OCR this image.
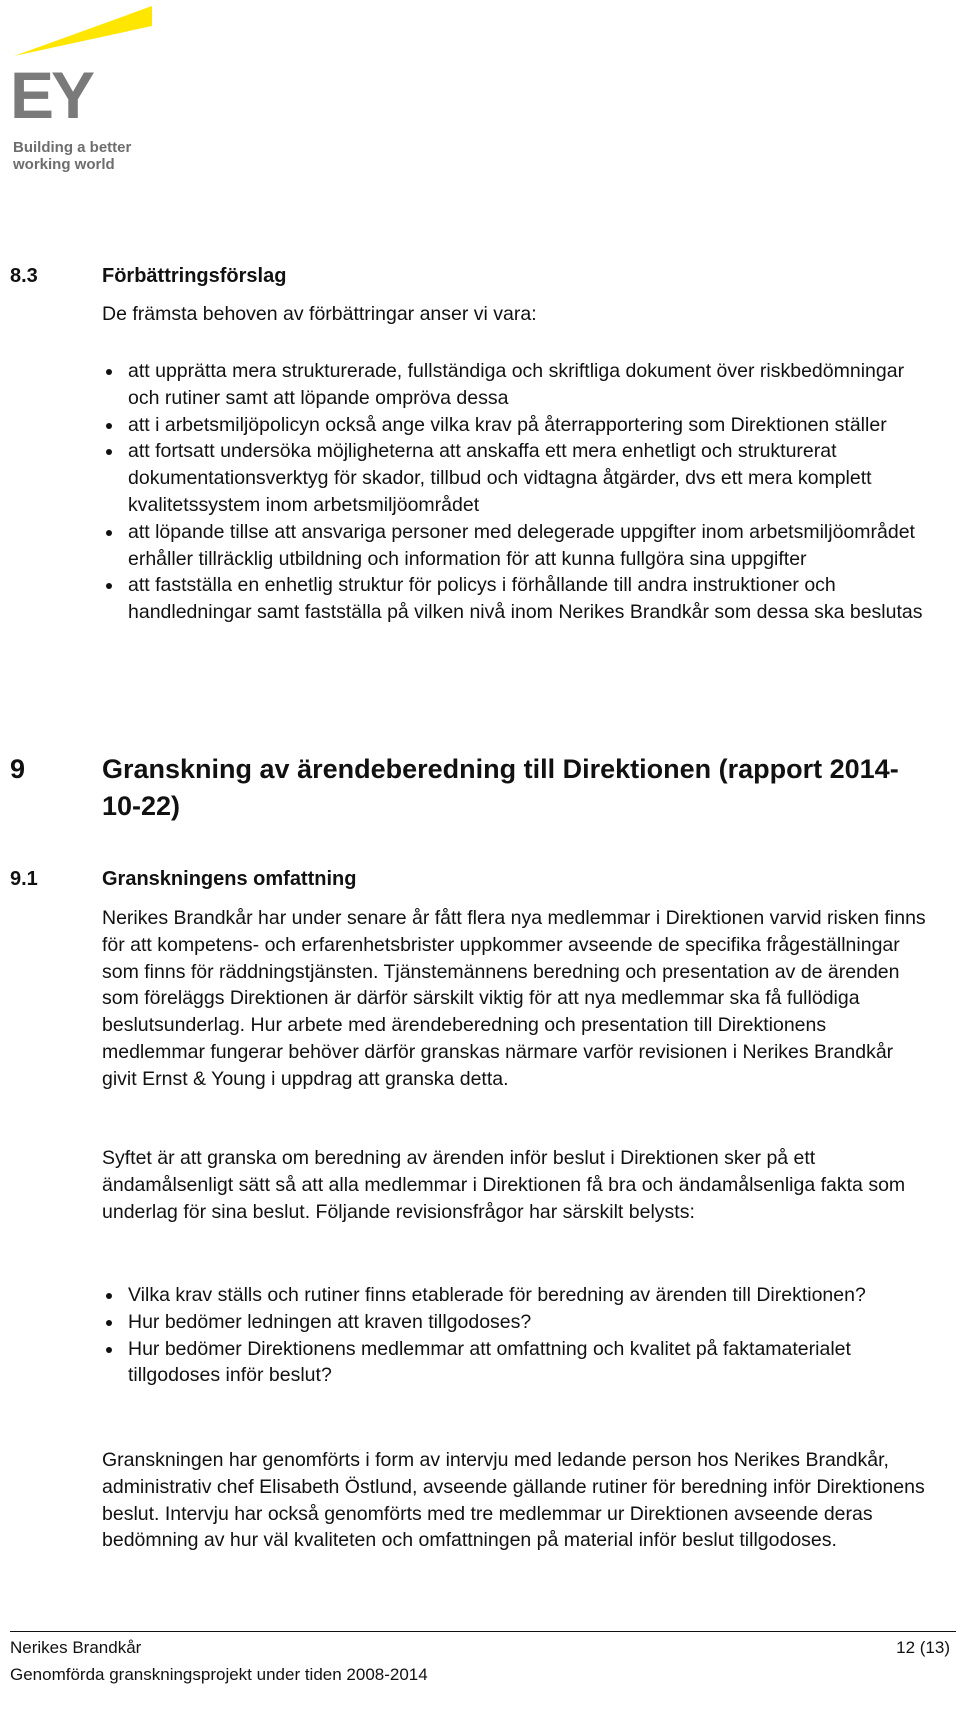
EY
Building a better
working world
8.3	Förbättringsförslag

De främsta behoven av förbättringar anser vi vara:

att upprätta mera strukturerade, fullständiga och skriftliga dokument över riskbedömningar och rutiner samt att löpande ompröva dessa
att i arbetsmiljöpolicyn också ange vilka krav på återrapportering som Direktionen ställer
att fortsatt undersöka möjligheterna att anskaffa ett mera enhetligt och strukturerat dokumentationsverktyg för skador, tillbud och vidtagna åtgärder, dvs ett mera komplett kvalitetssystem inom arbetsmiljöområdet
att löpande tillse att ansvariga personer med delegerade uppgifter inom arbetsmiljöområdet erhåller tillräcklig utbildning och information för att kunna fullgöra sina uppgifter
att fastställa en enhetlig struktur för policys i förhållande till andra instruktioner och handledningar samt fastställa på vilken nivå inom Nerikes Brandkår som dessa ska beslutas
9	Granskning av ärendeberedning till Direktionen (rapport 2014-10-22)
9.1	Granskningens omfattning

Nerikes Brandkår har under senare år fått flera nya medlemmar i Direktionen varvid risken finns för att kompetens- och erfarenhetsbrister uppkommer avseende de specifika frågeställningar som finns för räddningstjänsten. Tjänstemännens beredning och presentation av de ärenden som föreläggs Direktionen är därför särskilt viktig för att nya medlemmar ska få fullödiga beslutsunderlag. Hur arbete med ärendeberedning och presentation till Direktionens medlemmar fungerar behöver därför granskas närmare varför revisionen i Nerikes Brandkår givit Ernst & Young i uppdrag att granska detta.

Syftet är att granska om beredning av ärenden inför beslut i Direktionen sker på ett ändamålsenligt sätt så att alla medlemmar i Direktionen få bra och ändamålsenliga fakta som underlag för sina beslut. Följande revisionsfrågor har särskilt belysts:

Vilka krav ställs och rutiner finns etablerade för beredning av ärenden till Direktionen?
Hur bedömer ledningen att kraven tillgodoses?
Hur bedömer Direktionens medlemmar att omfattning och kvalitet på faktamaterialet tillgodoses inför beslut?

Granskningen har genomförts i form av intervju med ledande person hos Nerikes Brandkår, administrativ chef Elisabeth Östlund, avseende gällande rutiner för beredning inför Direktionens beslut. Intervju har också genomförts med tre medlemmar ur Direktionen avseende deras bedömning av hur väl kvaliteten och omfattningen på material inför beslut tillgodoses.

Nerikes Brandkår
Genomförda granskningsprojekt under tiden 2008-2014
12 (13)
